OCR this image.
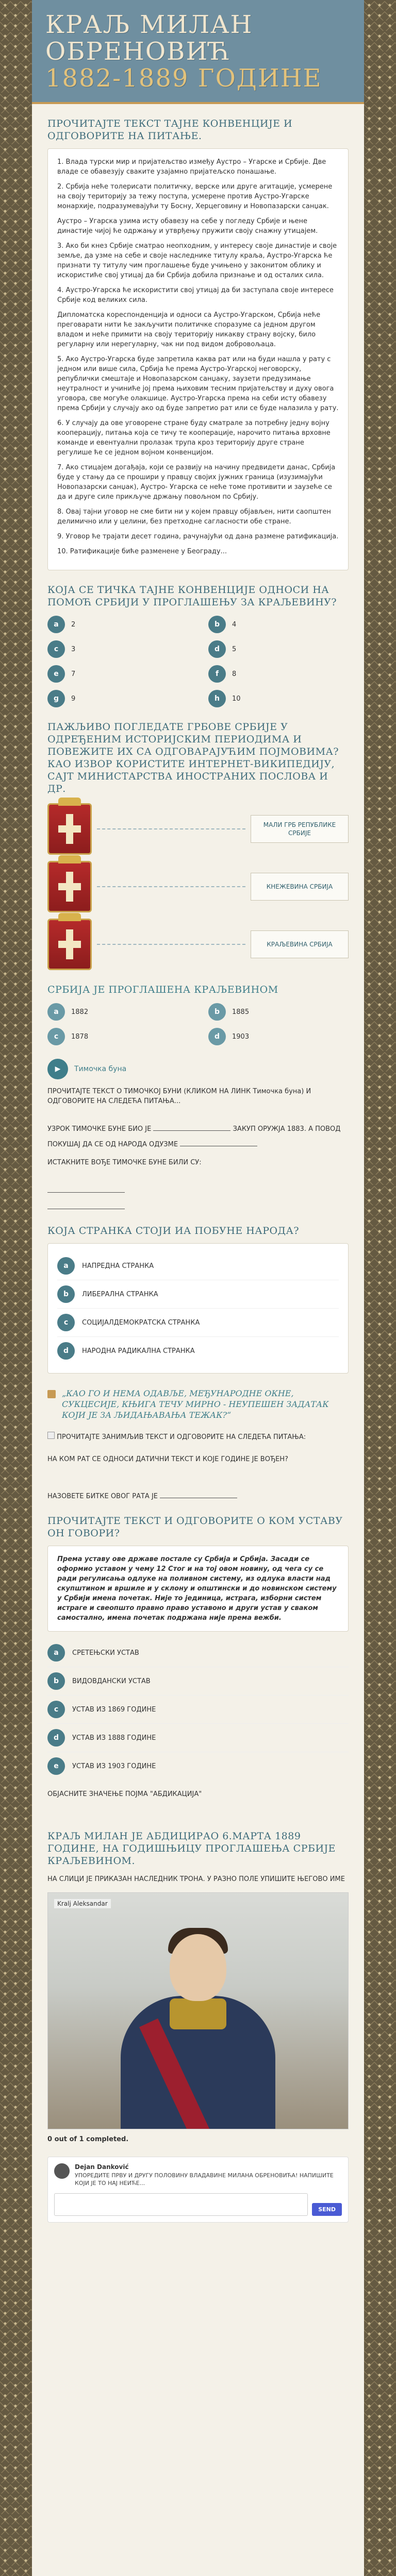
КРАЉ МИЛАН ОБРЕНОВИЋ
1882-1889 ГОДИНЕ
ПРОЧИТАЈТЕ ТЕКСТ ТАЈНЕ КОНВЕНЦИЈЕ И ОДГОВОРИТЕ НА ПИТАЊЕ.

1. Влада турски мир и пријатељство између Аустро – Угарске и Србије. Две владе се обавезују сваките узајамно пријатељско понашање.

2. Србија неће толерисати политичку, верске или друге агитације, усмерене на своју територију за тежу поступа, усмерене против Аустро-Угарске монархије, подразумевајући ту Босну, Херцеговину и Новопазарски санџак.

Аустро – Угарска узима исту обавезу на себе у погледу Србије и њене династије чијој ће одржању и утврђењу пружити своју снажну утицајем.

3. Ако би кнез Србије сматрао неопходним, у интересу своје династије и своје земље, да узме на себе и своје наследнике титулу краља, Аустро-Угарска ће признати ту титулу чим проглашење буде учињено у законитом облику и искористиће свој утицај да би Србија добила признање и од осталих сила.

4. Аустро-Угарска ће искористити свој утицај да би заступала своје интересе Србије код великих сила.

Дипломатска кореспонденција и односи са Аустро-Угарском, Србија неће преговарати нити ће закључити политичке споразуме са једном другом владом и неће примити на своју територију никакву страну војску, било регуларну или нерегуларну, чак ни под видом добровољаца.

5. Ако Аустро-Угарска буде запретила каква рат или на буди нашла у рату с једном или више сила, Србија ће према Аустро-Угарској неговорску, републички смештаје и Новопазарском санџаку, заузети предузимање неутралност и учиниће јој према њиховим тесним пријатељству и духу овога уговора, све могуће олакшице. Аустро-Угарска према на себи исту обавезу према Србији у случају ако од буде запретио рат или се буде налазила у рату.

6. У случају да ове уговорене стране буду сматрале за потребну једну војну кооперацију, питања која се тичу те кооперације, нарочито питања врховне команде и евентуални пролазак трупа кроз територију друге стране регулише ће се једном војном конвенцијом.

7. Ако стицајем догађаја, који се развију на начину предвидети данас, Србија буде у стању да се прошири у правцу својих јужних граница (изузимајући Новопазарски санџак), Аустро- Угарска се неће томе противити и заузеће се да и друге силе прикључе држању повољном по Србију.

8. Овај тајни уговор не сме бити ни у којем правцу објављен, нити саопштен делимично или у целини, без претходне сагласности обе стране.

9. Уговор ће трајати десет година, рачунајући од дана размене ратификација.

10. Ратификације биће разменене у Београду...

КОЈА СЕ ТИЧКА ТАЈНЕ КОНВЕНЦИЈЕ ОДНОСИ НА ПОМОЋ СРБИЈИ У ПРОГЛАШЕЊУ ЗА КРАЉЕВИНУ?
a	2	b	4
c	3	d	5
e	7	f	8
g	9	h	10
ПАЖЉИВО ПОГЛЕДАТЕ ГРБОВЕ СРБИЈЕ У ОДРЕЂЕНИМ ИСТОРИЈСКИМ ПЕРИОДИМА И ПОВЕЖИТЕ ИХ СА ОДГОВАРАЈУЋИМ ПОЈМОВИМА? КАО ИЗВОР КОРИСТИТЕ ИНТЕРНЕТ-ВИКИПЕДИЈУ, САЈТ МИНИСТАРСТВА ИНОСТРАНИХ ПОСЛОВА И ДР.
МАЛИ ГРБ РЕПУБЛИКЕ СРБИЈЕ
КНЕЖЕВИНА СРБИЈА
КРАЉЕВИНА СРБИЈА
СРБИЈА ЈЕ ПРОГЛАШЕНА КРАЉЕВИНОМ
a	1882	b	1885
c	1878	d	1903
▶	Тимочка буна

ПРОЧИТАЈТЕ ТЕКСТ О ТИМОЧКОЈ БУНИ (КЛИКОМ НА ЛИНК Тимочка буна) И ОДГОВОРИТЕ НА СЛЕДЕЋА ПИТАЊА...

УЗРОК ТИМОЧКЕ БУНЕ БИО ЈЕ	ЗАКУП ОРУЖЈА 1883. А ПОВОД

ПОКУШАЈ ДА СЕ ОД НАРОДА ОДУЗМЕ

ИСТАКНИТЕ ВОЂЕ ТИМОЧКЕ БУНЕ БИЛИ СУ:

КОЈА СТРАНКА СТОЈИ ИА ПОБУНЕ НАРОДА?
a	НАПРЕДНА СТРАНКА
b	ЛИБЕРАЛНА СТРАНКА
c	СОЦИЈАЛДЕМОКРАТСКА СТРАНКА
d	НАРОДНА РАДИКАЛНА СТРАНКА
„КАО ГО И НЕМА ОДАВЉЕ, МЕЂУНАРОДНЕ ОКНЕ, СУКЦЕСИЈЕ, КЊИГА ТЕЧУ МИРНО - НЕУПЕШЕН ЗАДАТАК КОЈИ ЈЕ ЗА ЉИДАЊАВАЊА ТЕЖАК?“

ПРОЧИТАЈТЕ ЗАНИМЉИВ ТЕКСТ И ОДГОВОРИТЕ НА СЛЕДЕЋА ПИТАЊА:

НА КОМ РАТ СЕ ОДНОСИ ДАТИЧНИ ТЕКСТ И КОЈЕ ГОДИНЕ ЈЕ ВОЂЕН?

НАЗОВЕТЕ БИТКЕ ОВОГ РАТА ЈЕ

ПРОЧИТАЈТЕ ТЕКСТ И ОДГОВОРИТЕ О КОМ УСТАВУ ОН ГОВОРИ?

Према уставу ове државе постале су Србија и Србија. Засади се оформио уставом у чему 12 Стог и на тој овом новину, од чега су се ради регулисања одлуке на поливном систему, из одлука власти над скупштином и вршиле и у склону и општински и до новинском систему у Србији имена почетак. Није то јединица, истрага, изборни систем истраге и свеопшто правно право уставоно и други устав у сваком самостално, имена почетак подржана није према вежби.

a	СРЕТЕЊСКИ УСТАВ
b	ВИДОВДАНСКИ УСТАВ
c	УСТАВ ИЗ 1869 ГОДИНЕ
d	УСТАВ ИЗ 1888 ГОДИНЕ
e	УСТАВ ИЗ 1903 ГОДИНЕ

ОБЈАСНИТЕ ЗНАЧЕЊЕ ПОЈМА "АБДИКАЦИЈА"

КРАЉ МИЛАН ЈЕ АБДИЦИРАО 6.МАРТА 1889 ГОДИНЕ, НА ГОДИШЊИЦУ ПРОГЛАШЕЊА СРБИЈЕ КРАЉЕВИНОМ.

НА СЛИЦИ ЈЕ ПРИКАЗАН НАСЛЕДНИК ТРОНА. У РАЗНО ПОЛЕ УПИШИТЕ ЊЕГОВО ИМЕ

Kralj Aleksandar
0 out of 1 completed.
Dejan Danković
УПОРЕДИТЕ ПРВУ И ДРУГУ ПОЛОВИНУ ВЛАДАВИНЕ МИЛАНА ОБРЕНОВИЋА! НАПИШИТЕ КОЈИ ЈЕ ТО НАЈ НЕИЋЕ...
SEND
